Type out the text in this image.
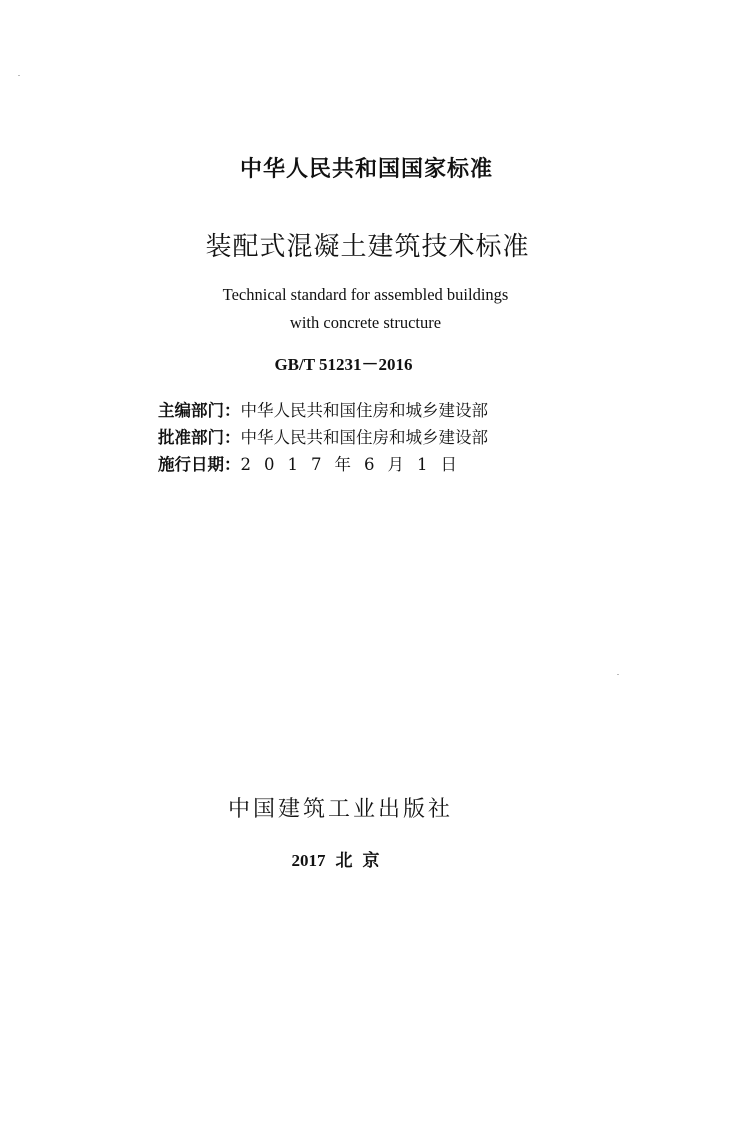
中华人民共和国国家标准
装配式混凝土建筑技术标准
Technical standard for assembled buildings
with concrete structure
GB/T 51231－2016
主编部门：中华人民共和国住房和城乡建设部
批准部门：中华人民共和国住房和城乡建设部
施行日期：2017年6月1日
中国建筑工业出版社
2017 北京
